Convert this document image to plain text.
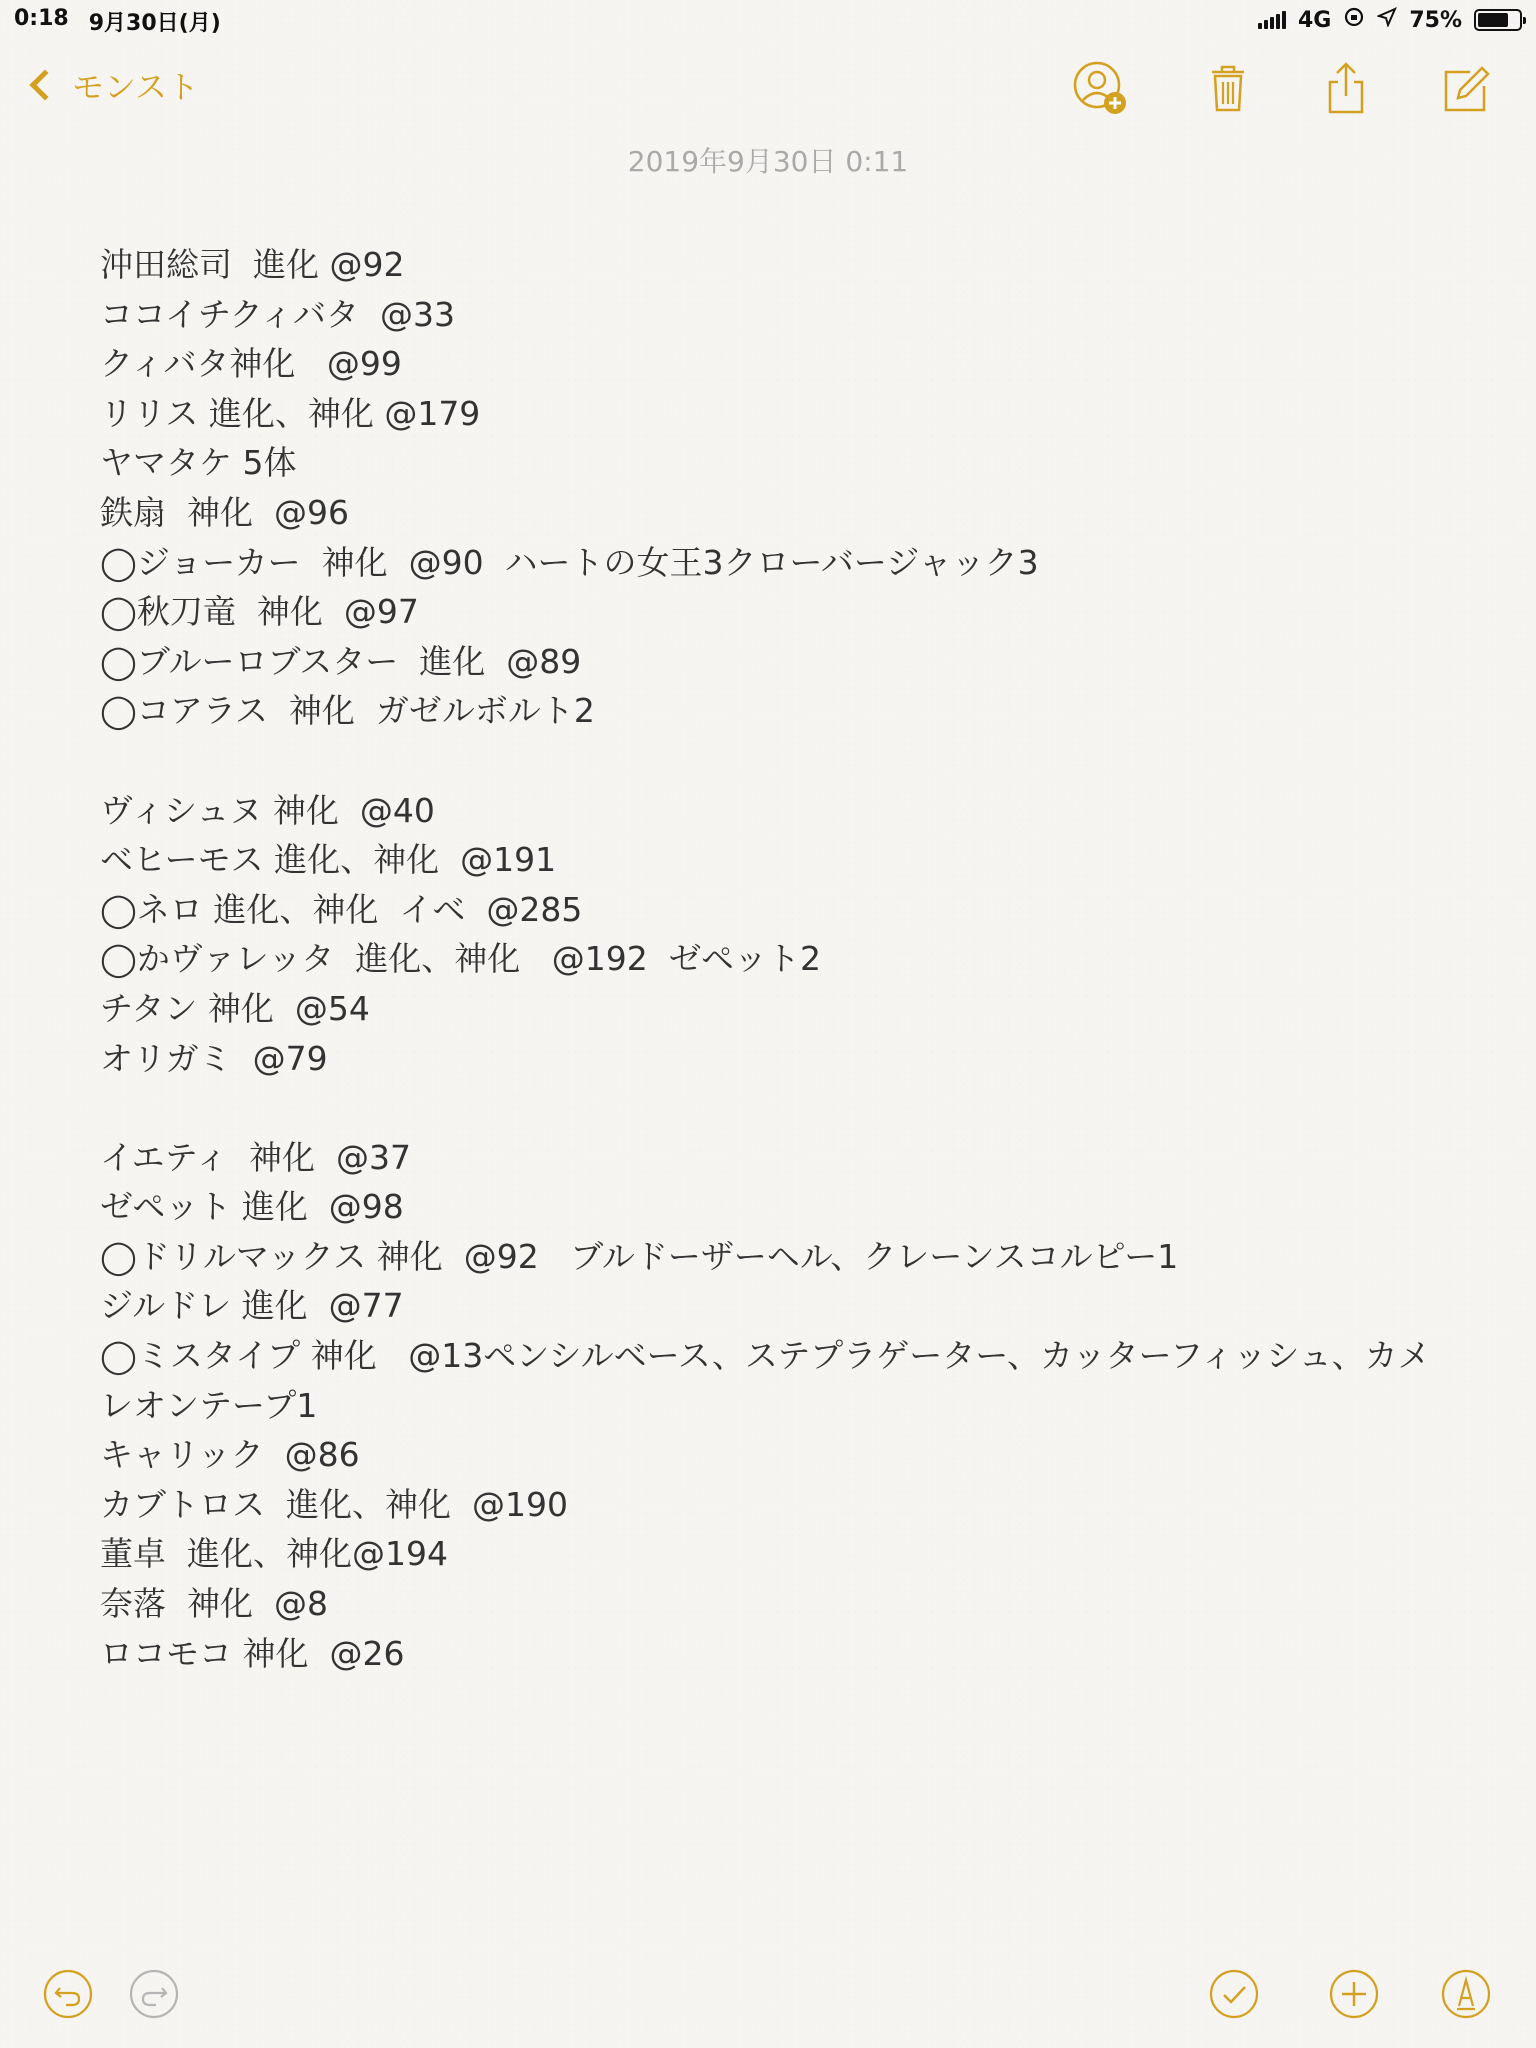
0:18 9月30日(月)	4G	75%
モンスト
2019年9月30日 0:11
沖田総司  進化 @92
ココイチクィバタ  @33
クィバタ神化   @99
リリス 進化、神化 @179
ヤマタケ 5体
鉄扇  神化  @96
◯ジョーカー  神化  @90  ハートの女王3クローバージャック3
◯秋刀竜  神化  @97
◯ブルーロブスター  進化  @89
◯コアラス  神化  ガゼルボルト2
ヴィシュヌ 神化  @40
ベヒーモス 進化、神化  @191
◯ネロ 進化、神化  イベ  @285
◯かヴァレッタ  進化、神化   @192  ゼペット2
チタン 神化  @54
オリガミ  @79
イエティ  神化  @37
ゼペット 進化  @98
◯ドリルマックス 神化  @92   ブルドーザーヘル、クレーンスコルピー1
ジルドレ 進化  @77
◯ミスタイプ 神化   @13ペンシルベース、ステプラゲーター、カッターフィッシュ、カメ
レオンテープ1
キャリック  @86
カブトロス  進化、神化  @190
董卓  進化、神化@194
奈落  神化  @8
ロコモコ 神化  @26
